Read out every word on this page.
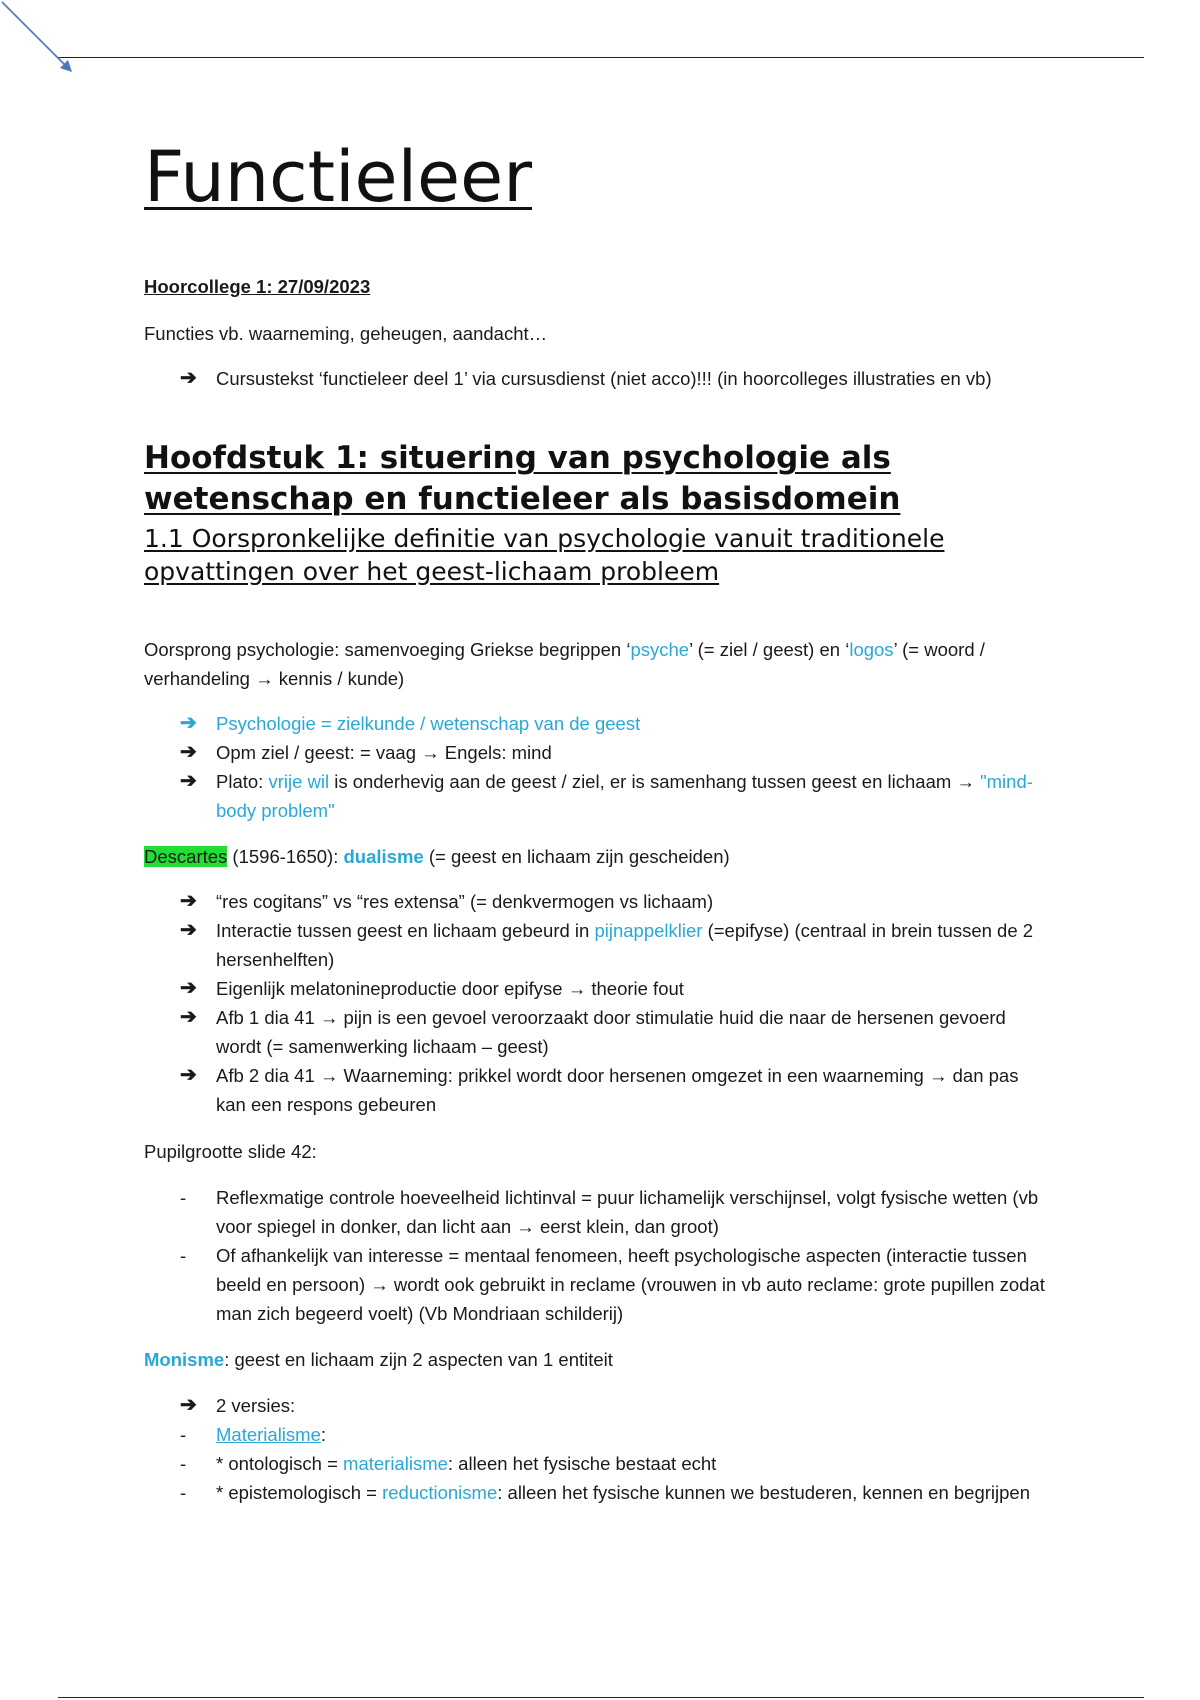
Functieleer
Hoorcollege 1: 27/09/2023
Functies vb. waarneming, geheugen, aandacht…
➔ Cursustekst ‘functieleer deel 1’ via cursusdienst (niet acco)!!! (in hoorcolleges illustraties en vb)
Hoofdstuk 1: situering van psychologie als wetenschap en functieleer als basisdomein
1.1 Oorspronkelijke definitie van psychologie vanuit traditionele opvattingen over het geest-lichaam probleem
Oorsprong psychologie: samenvoeging Griekse begrippen ‘psyche’ (= ziel / geest) en ‘logos’ (= woord / verhandeling → kennis / kunde)
➔ Psychologie = zielkunde / wetenschap van de geest
➔ Opm ziel / geest: = vaag → Engels: mind
➔ Plato: vrije wil is onderhevig aan de geest / ziel, er is samenhang tussen geest en lichaam → "mind-body problem"
Descartes (1596-1650): dualisme (= geest en lichaam zijn gescheiden)
➔ “res cogitans” vs “res extensa” (= denkvermogen vs lichaam)
➔ Interactie tussen geest en lichaam gebeurd in pijnappelklier (=epifyse) (centraal in brein tussen de 2 hersenhelften)
➔ Eigenlijk melatonineproductie door epifyse → theorie fout
➔ Afb 1 dia 41 → pijn is een gevoel veroorzaakt door stimulatie huid die naar de hersenen gevoerd wordt (= samenwerking lichaam – geest)
➔ Afb 2 dia 41 → Waarneming: prikkel wordt door hersenen omgezet in een waarneming → dan pas kan een respons gebeuren
Pupilgrootte slide 42:
- Reflexmatige controle hoeveelheid lichtinval = puur lichamelijk verschijnsel, volgt fysische wetten (vb voor spiegel in donker, dan licht aan → eerst klein, dan groot)
- Of afhankelijk van interesse = mentaal fenomeen, heeft psychologische aspecten (interactie tussen beeld en persoon) → wordt ook gebruikt in reclame (vrouwen in vb auto reclame: grote pupillen zodat man zich begeerd voelt) (Vb Mondriaan schilderij)
Monisme: geest en lichaam zijn 2 aspecten van 1 entiteit
➔ 2 versies:
- Materialisme:
- * ontologisch = materialisme: alleen het fysische bestaat echt
- * epistemologisch = reductionisme: alleen het fysische kunnen we bestuderen, kennen en begrijpen
